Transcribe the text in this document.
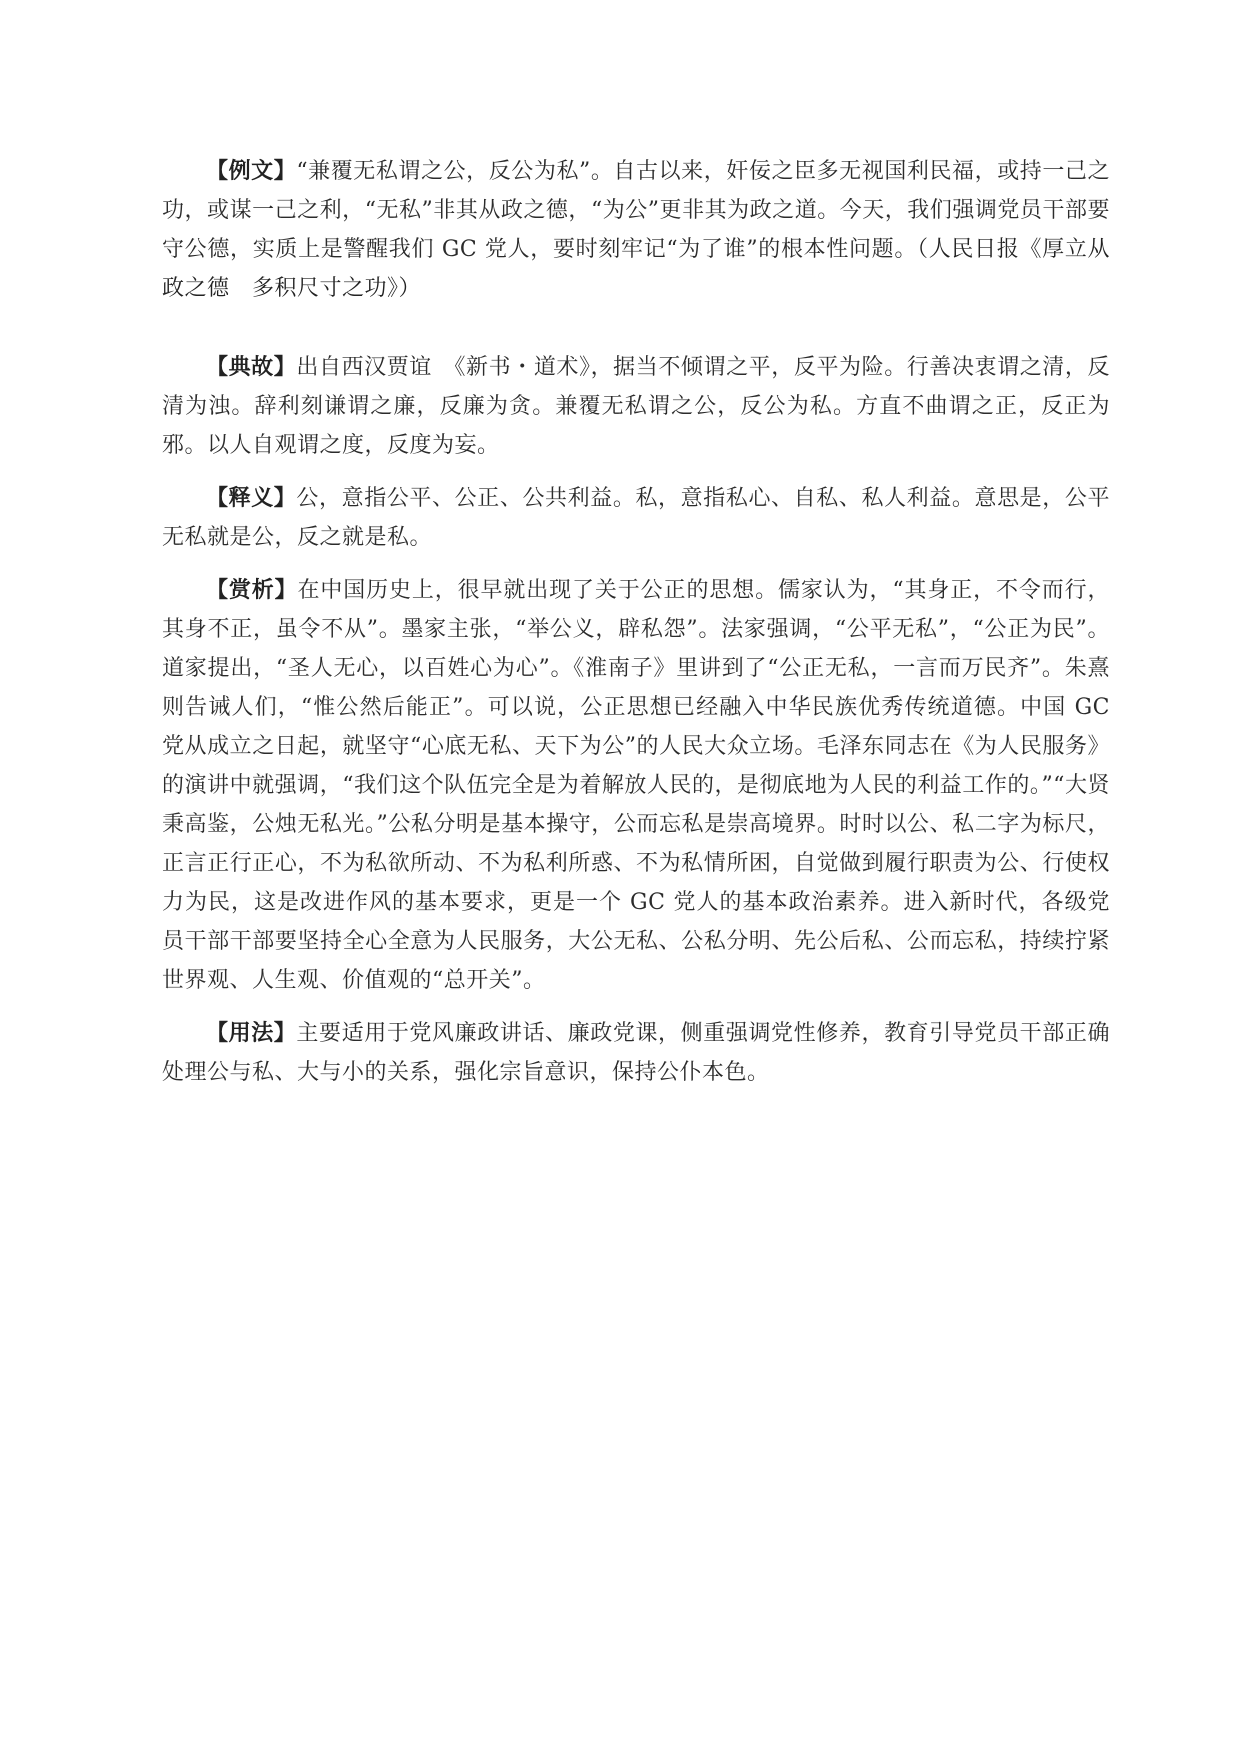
【例文】“兼覆无私谓之公，反公为私”。自古以来，奸佞之臣多无视国利民福，或持一己之功，或谋一己之利，“无私”非其从政之德，“为公”更非其为政之道。今天，我们强调党员干部要守公德，实质上是警醒我们 GC 党人，要时刻牢记“为了谁”的根本性问题。（人民日报《厚立从政之德　多积尺寸之功》）

【典故】出自西汉贾谊　《新书・道术》，据当不倾谓之平，反平为险。行善决衷谓之清，反清为浊。辞利刻谦谓之廉，反廉为贪。兼覆无私谓之公，反公为私。方直不曲谓之正，反正为邪。以人自观谓之度，反度为妄。

【释义】公，意指公平、公正、公共利益。私，意指私心、自私、私人利益。意思是，公平无私就是公，反之就是私。

【赏析】在中国历史上，很早就出现了关于公正的思想。儒家认为，“其身正，不令而行，其身不正，虽令不从”。墨家主张，“举公义，辟私怨”。法家强调，“公平无私”，“公正为民”。道家提出，“圣人无心，以百姓心为心”。《淮南子》里讲到了“公正无私，一言而万民齐”。朱熹则告诫人们，“惟公然后能正”。可以说，公正思想已经融入中华民族优秀传统道德。中国 GC 党从成立之日起，就坚守“心底无私、天下为公”的人民大众立场。毛泽东同志在《为人民服务》的演讲中就强调，“我们这个队伍完全是为着解放人民的，是彻底地为人民的利益工作的。”“大贤秉高鉴，公烛无私光。”公私分明是基本操守，公而忘私是崇高境界。时时以公、私二字为标尺，正言正行正心，不为私欲所动、不为私利所惑、不为私情所困，自觉做到履行职责为公、行使权力为民，这是改进作风的基本要求，更是一个 GC 党人的基本政治素养。进入新时代，各级党员干部干部要坚持全心全意为人民服务，大公无私、公私分明、先公后私、公而忘私，持续拧紧世界观、人生观、价值观的“总开关”。

【用法】主要适用于党风廉政讲话、廉政党课，侧重强调党性修养，教育引导党员干部正确处理公与私、大与小的关系，强化宗旨意识，保持公仆本色。
